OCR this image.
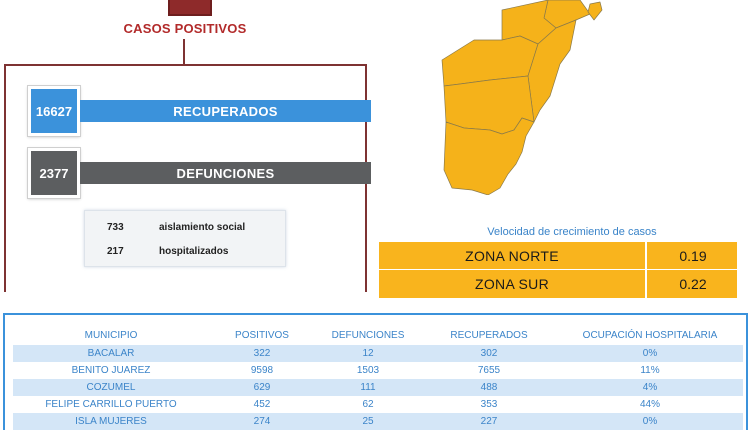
CASOS POSITIVOS
16627	RECUPERADOS
2377	DEFUNCIONES
733	aislamiento social
217	hospitalizados
Velocidad de crecimiento de casos
ZONA NORTE	0.19
ZONA SUR	0.22
MUNICIPIO	POSITIVOS	DEFUNCIONES	RECUPERADOS	OCUPACIÓN HOSPITALARIA
BACALAR	322	12	302	0%
BENITO JUAREZ	9598	1503	7655	11%
COZUMEL	629	111	488	4%
FELIPE CARRILLO PUERTO	452	62	353	44%
ISLA MUJERES	274	25	227	0%
